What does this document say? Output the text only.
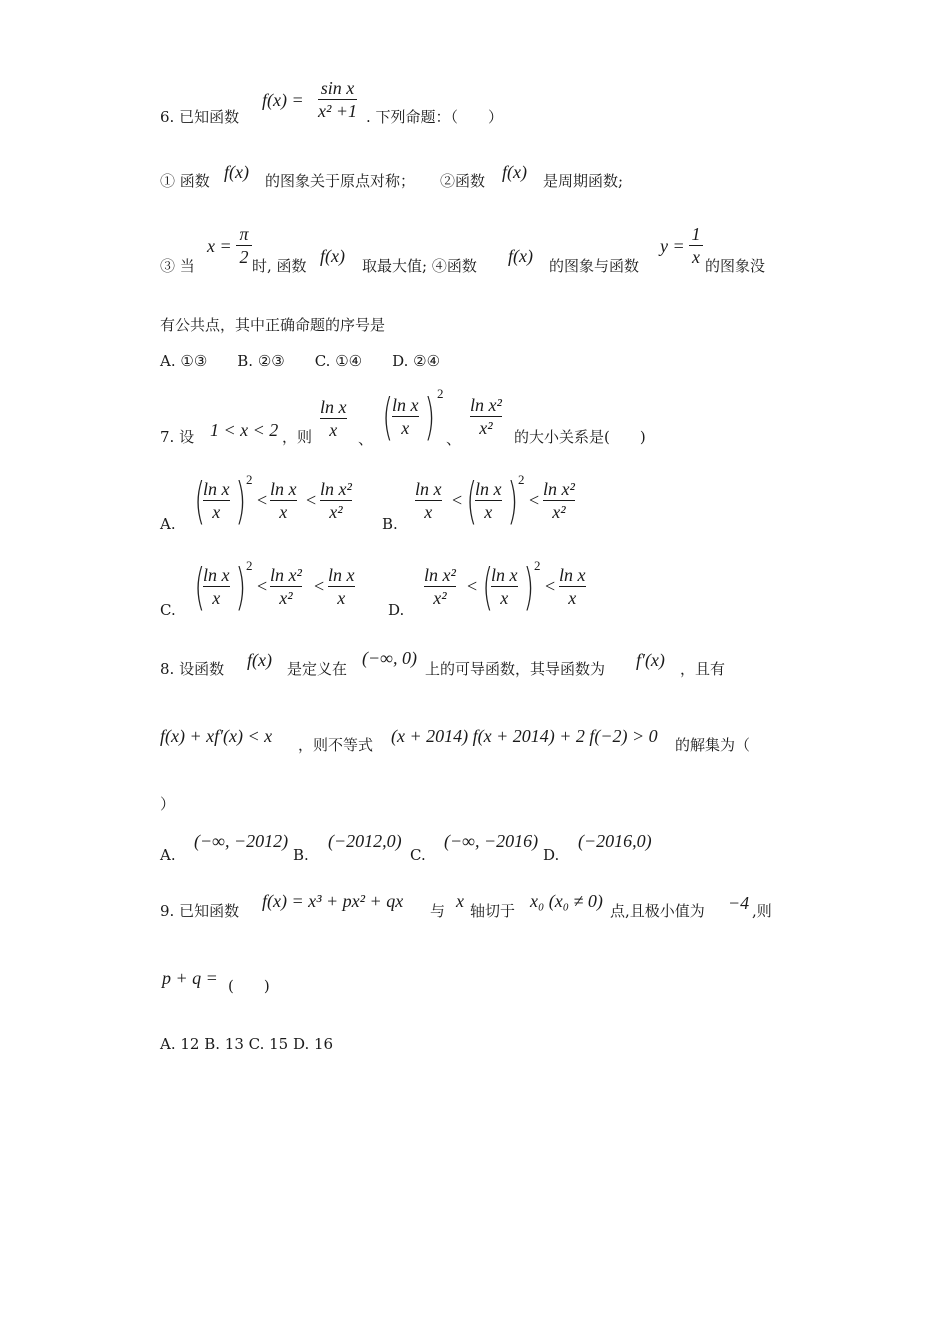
6. 已知函数
f(x) =
sin x
x² +1 . 下列命题：（　　）
① 函数 f(x) 的图象关于原点对称； ②函数 f(x) 是周期函数;
③ 当
x =
π
2 时, 函数 f(x) 取最大值; ④函数 f(x) 的图象与函数
y =
1
x 的图象没
有公共点，其中正确命题的序号是
A. ①③　　B. ②③　　C. ①④　　D. ②④
7. 设 1 < x < 2 ，则
ln x
x	、 (
ln x
x ) 2
、
ln x²
x²	的大小关系是(　　)
A. (
ln x
x ) 2
<
ln x
x
<
ln x²
x²
B.
ln x
x
< (
ln x
x ) 2
<
ln x²
x²
C. (
ln x
x ) 2
<
ln x²
x²
<
ln x
x
D.
ln x²
x²
< (
ln x
x ) 2
<
ln x
x
8. 设函数 f(x) 是定义在
(−∞, 0)
上的可导函数，其导函数为 f′(x) ，且有
f(x) + xf′(x) < x ，则不等式 (x + 2014) f(x + 2014) + 2 f(−2) > 0 的解集为（
）
A.
(−∞, −2012)
B.
(−2012,0)
C.
(−∞, −2016)
D.
(−2016,0)
9. 已知函数 f(x) = x³ + px² + qx 与 x 轴切于 x₀ (x₀ ≠ 0) 点,且极小值为 −4 ,则
p + q = (　　)
A. 12 B. 13 C. 15 D. 16
